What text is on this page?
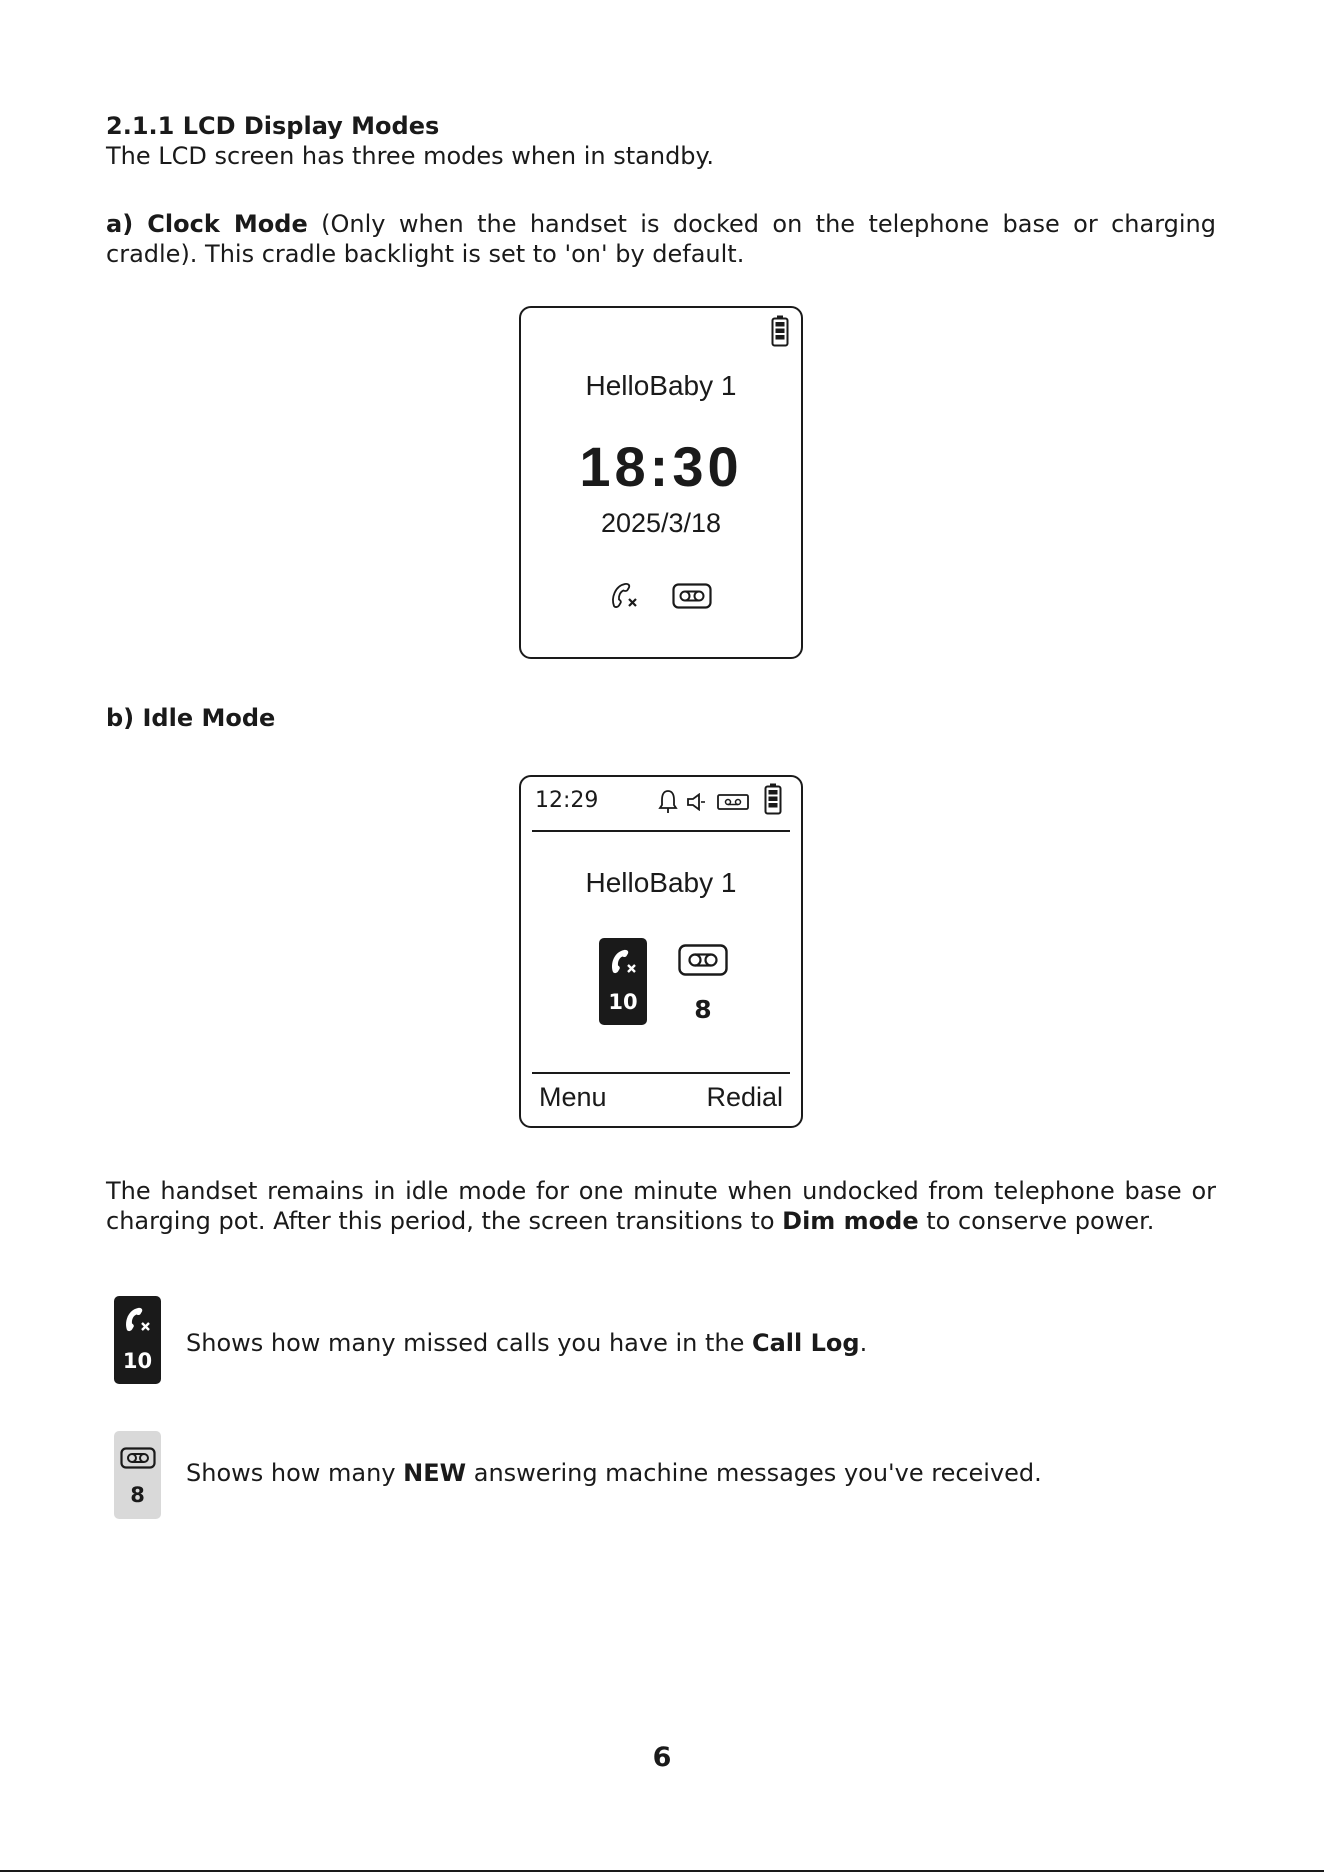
2.1.1 LCD Display Modes
The LCD screen has three modes when in standby.
a) Clock Mode (Only when the handset is docked on the telephone base or charging cradle). This cradle backlight is set to 'on' by default.
HelloBaby 1
18:30
2025/3/18
b) Idle Mode
12:29
HelloBaby 1
10	8
Menu	Redial
The handset remains in idle mode for one minute when undocked from telephone base or charging pot. After this period, the screen transitions to Dim mode to conserve power.
10
Shows how many missed calls you have in the Call Log.
8
Shows how many NEW answering machine messages you've received.
6
